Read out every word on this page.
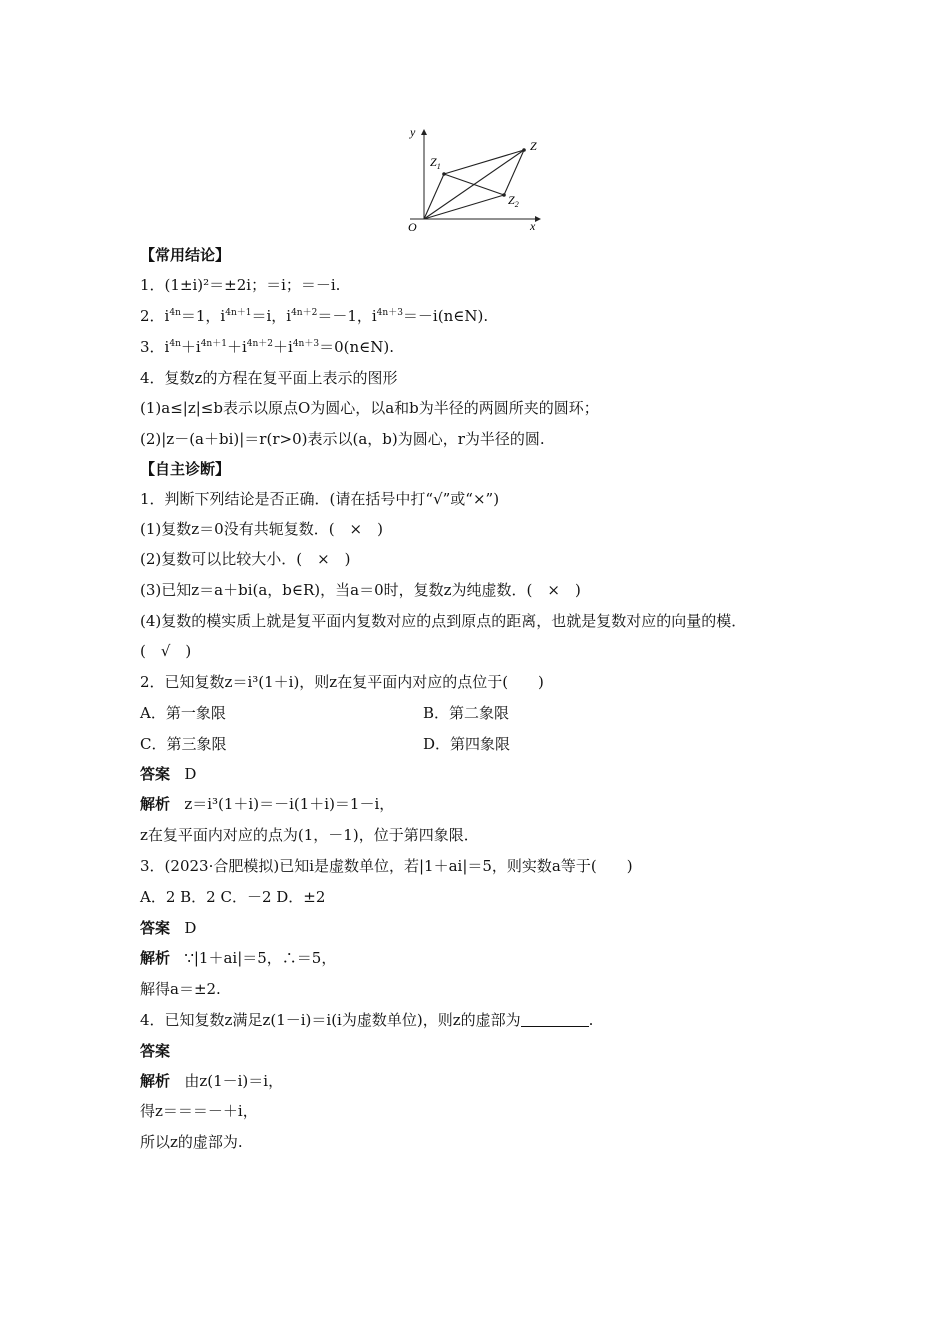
y
x
O
$Z_1$
Z
$Z_2$
【常用结论】
1．(1±i)²＝±2i；＝i；＝－i.
2．$i^{4n}=1$，$i^{4n+1}=i$，$i^{4n+2}=-1$，$i^{4n+3}=-i(n\in N)$.
3．$i^{4n}+i^{4n+1}+i^{4n+2}+i^{4n+3}=0(n\in N)$.
4．复数z的方程在复平面上表示的图形
(1)a≤|z|≤b表示以原点O为圆心，以a和b为半径的两圆所夹的圆环；
(2)|z－(a＋bi)|＝r(r>0)表示以(a，b)为圆心，r为半径的圆.
【自主诊断】
1．判断下列结论是否正确．(请在括号中打“√”或“×”)
(1)复数z＝0没有共轭复数．(　×　)
(2)复数可以比较大小．(　×　)
(3)已知z＝a＋bi(a，b∈R)，当a＝0时，复数z为纯虚数．(　×　)
(4)复数的模实质上就是复平面内复数对应的点到原点的距离，也就是复数对应的向量的模．
(　√　)
2．已知复数z＝i³(1＋i)，则z在复平面内对应的点位于(　　)
A．第一象限	B．第二象限
C．第三象限	D．第四象限
答案 D
解析 z＝i³(1＋i)＝－i(1＋i)＝1－i，
z在复平面内对应的点为(1，－1)，位于第四象限．
3．(2023·合肥模拟)已知i是虚数单位，若|1＋ai|＝5，则实数a等于(　　)
A．2 B．2 C．－2 D．±2
答案 D
解析 ∵|1＋ai|＝5，∴＝5，
解得a＝±2.
4．已知复数z满足z(1－i)＝i(i为虚数单位)，则z的虚部为	.
答案
解析 由z(1－i)＝i，
得z＝＝＝－＋i，
所以z的虚部为.
